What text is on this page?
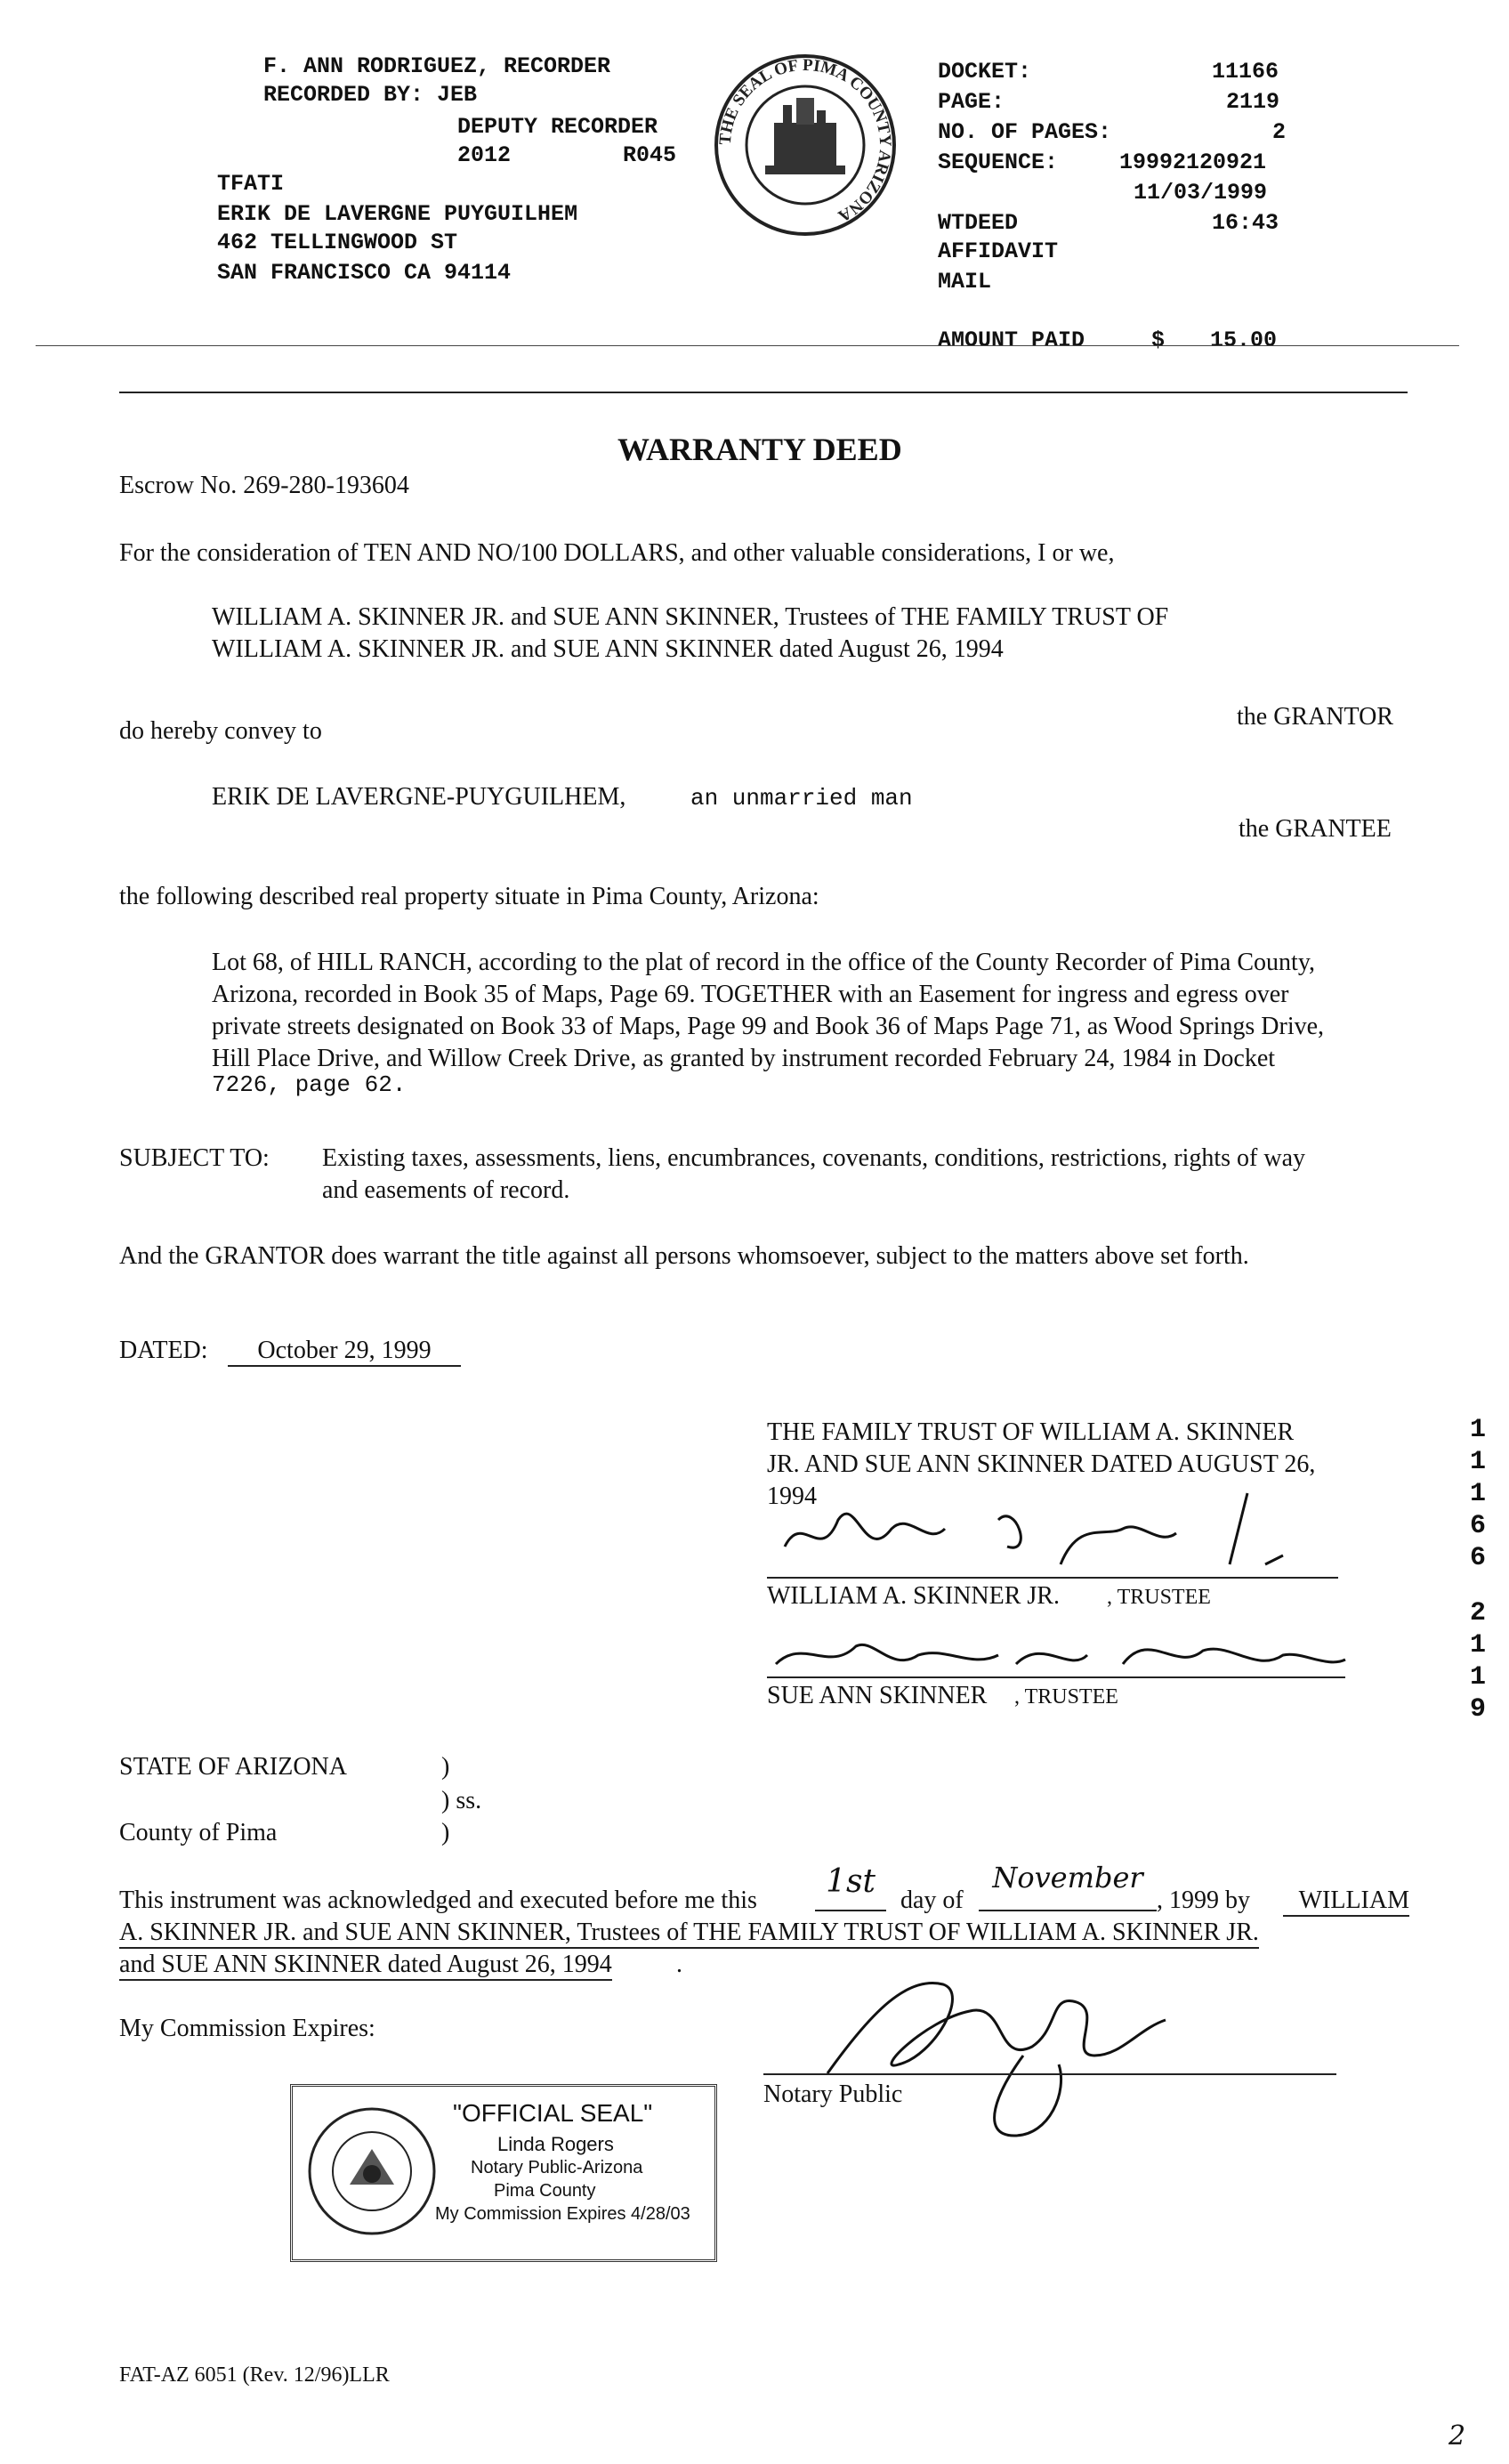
F. ANN RODRIGUEZ, RECORDER
RECORDED BY: JEB
DEPUTY RECORDER
2012	R045
TFATI
ERIK DE LAVERGNE PUYGUILHEM
462 TELLINGWOOD ST
SAN FRANCISCO CA 94114
THE SEAL OF PIMA COUNTY ARIZONA
DOCKET:	11166
PAGE:	2119
NO. OF PAGES:	2
SEQUENCE:	19992120921
11/03/1999
WTDEED	16:43
AFFIDAVIT
MAIL
AMOUNT PAID	$ 15.00
Escrow No. 269-280-193604
WARRANTY DEED
For the consideration of TEN AND NO/100 DOLLARS, and other valuable considerations, I or we,
WILLIAM A. SKINNER JR. and SUE ANN SKINNER, Trustees of THE FAMILY TRUST OF
WILLIAM A. SKINNER JR. and SUE ANN SKINNER dated August 26, 1994
do hereby convey to
the GRANTOR
ERIK DE LAVERGNE-PUYGUILHEM,	an unmarried man
the GRANTEE
the following described real property situate in Pima County, Arizona:
Lot 68, of HILL RANCH, according to the plat of record in the office of the County Recorder of Pima County,
Arizona, recorded in Book 35 of Maps, Page 69. TOGETHER with an Easement for ingress and egress over
private streets designated on Book 33 of Maps, Page 99 and Book 36 of Maps Page 71, as Wood Springs Drive,
Hill Place Drive, and Willow Creek Drive, as granted by instrument recorded February 24, 1984 in Docket
7226, page 62.
SUBJECT TO: Existing taxes, assessments, liens, encumbrances, covenants, conditions, restrictions, rights of way
and easements of record.
And the GRANTOR does warrant the title against all persons whomsoever, subject to the matters above set forth.
DATED:	October 29, 1999
THE FAMILY TRUST OF WILLIAM A. SKINNER
JR. AND SUE ANN SKINNER DATED AUGUST 26,
1994
WILLIAM A. SKINNER JR. , TRUSTEE
SUE ANN SKINNER , TRUSTEE
1
1
1
6
6
2
1
1
9
STATE OF ARIZONA	)
) ss.
County of Pima	)
This instrument was acknowledged and executed before me this
1st
day of
November
, 1999 by	WILLIAM
A. SKINNER JR. and SUE ANN SKINNER, Trustees of THE FAMILY TRUST OF WILLIAM A. SKINNER JR.
and SUE ANN SKINNER dated August 26, 1994	.
My Commission Expires:
Notary Public
"OFFICIAL SEAL"
Linda Rogers
Notary Public-Arizona
Pima County
My Commission Expires 4/28/03
FAT-AZ 6051 (Rev. 12/96)LLR
2
